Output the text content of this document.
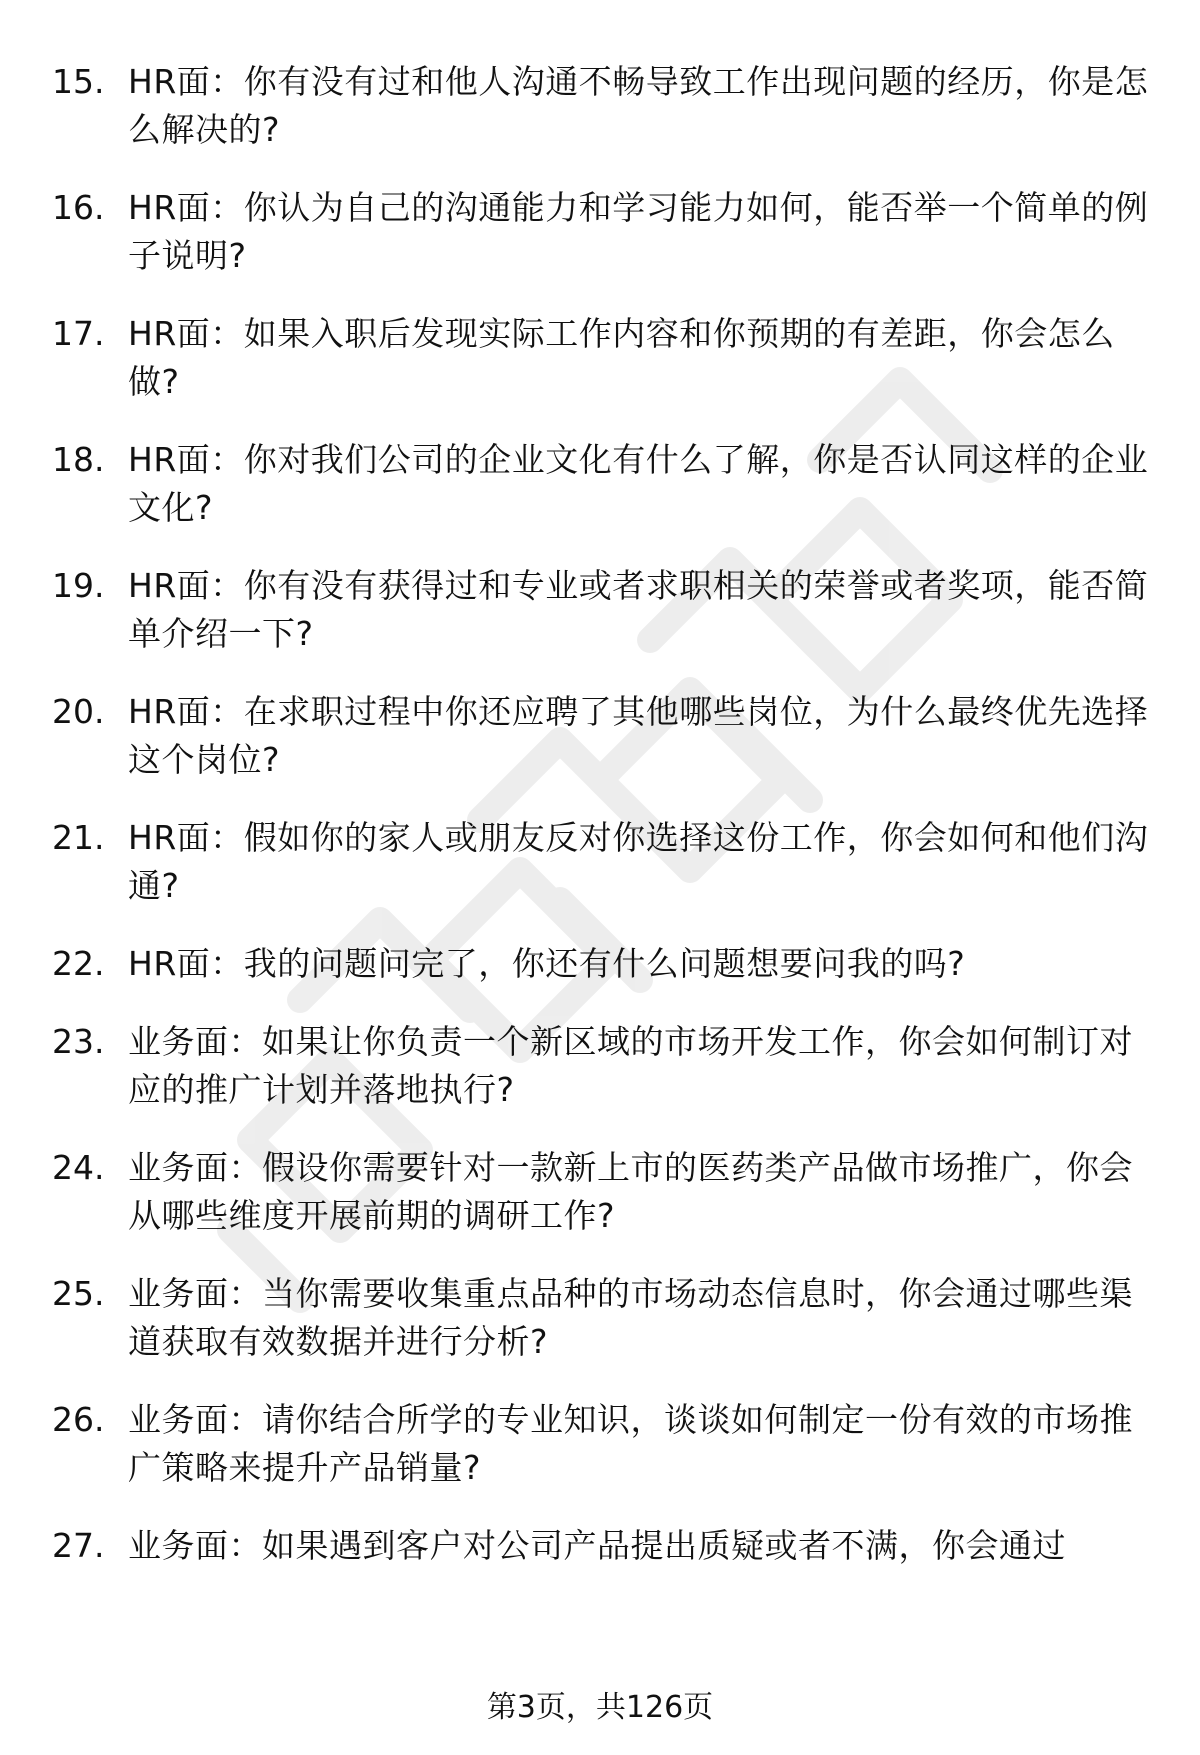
15. HR面：你有没有过和他人沟通不畅导致工作出现问题的经历，你是怎么解决的?
16. HR面：你认为自己的沟通能力和学习能力如何，能否举一个简单的例子说明?
17. HR面：如果入职后发现实际工作内容和你预期的有差距，你会怎么做?
18. HR面：你对我们公司的企业文化有什么了解，你是否认同这样的企业文化?
19. HR面：你有没有获得过和专业或者求职相关的荣誉或者奖项，能否简单介绍一下?
20. HR面：在求职过程中你还应聘了其他哪些岗位，为什么最终优先选择这个岗位?
21. HR面：假如你的家人或朋友反对你选择这份工作，你会如何和他们沟通?
22. HR面：我的问题问完了，你还有什么问题想要问我的吗?
23. 业务面：如果让你负责一个新区域的市场开发工作，你会如何制订对应的推广计划并落地执行?
24. 业务面：假设你需要针对一款新上市的医药类产品做市场推广，你会从哪些维度开展前期的调研工作?
25. 业务面：当你需要收集重点品种的市场动态信息时，你会通过哪些渠道获取有效数据并进行分析?
26. 业务面：请你结合所学的专业知识，谈谈如何制定一份有效的市场推广策略来提升产品销量?
27. 业务面：如果遇到客户对公司产品提出质疑或者不满，你会通过
第3页，共126页
